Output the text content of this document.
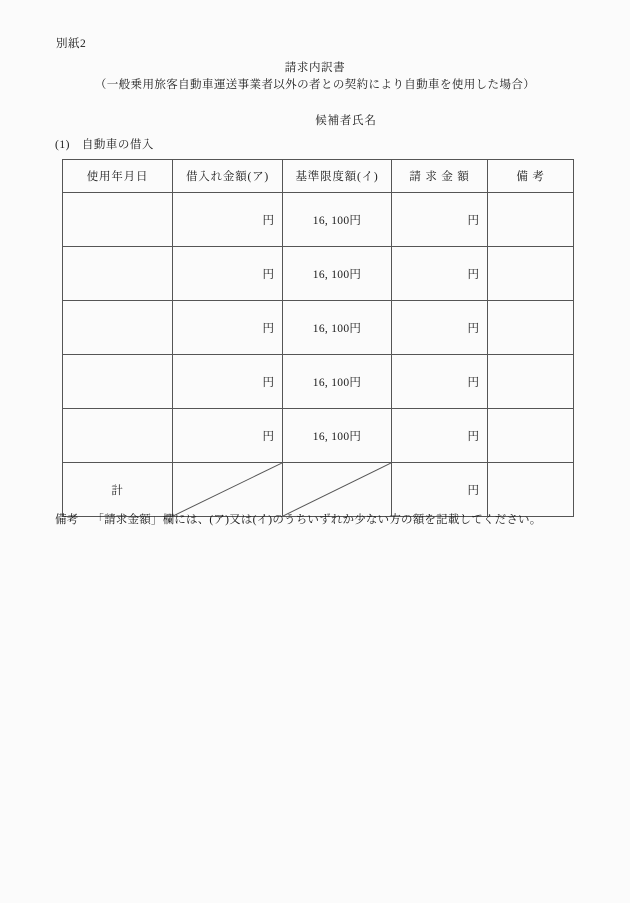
別紙2
請求内訳書
（一般乗用旅客自動車運送事業者以外の者との契約により自動車を使用した場合）
候補者氏名
(1) 自動車の借入
使用年月日	借入れ金額(ア)	基準限度額(イ)	請 求 金 額	備 考

	円	16, 100円	円	

	円	16, 100円	円	

	円	16, 100円	円	

	円	16, 100円	円	

	円	16, 100円	円	

計			円	

備考 「請求金額」欄には、(ア)又は(イ)のうちいずれか少ない方の額を記載してください。
